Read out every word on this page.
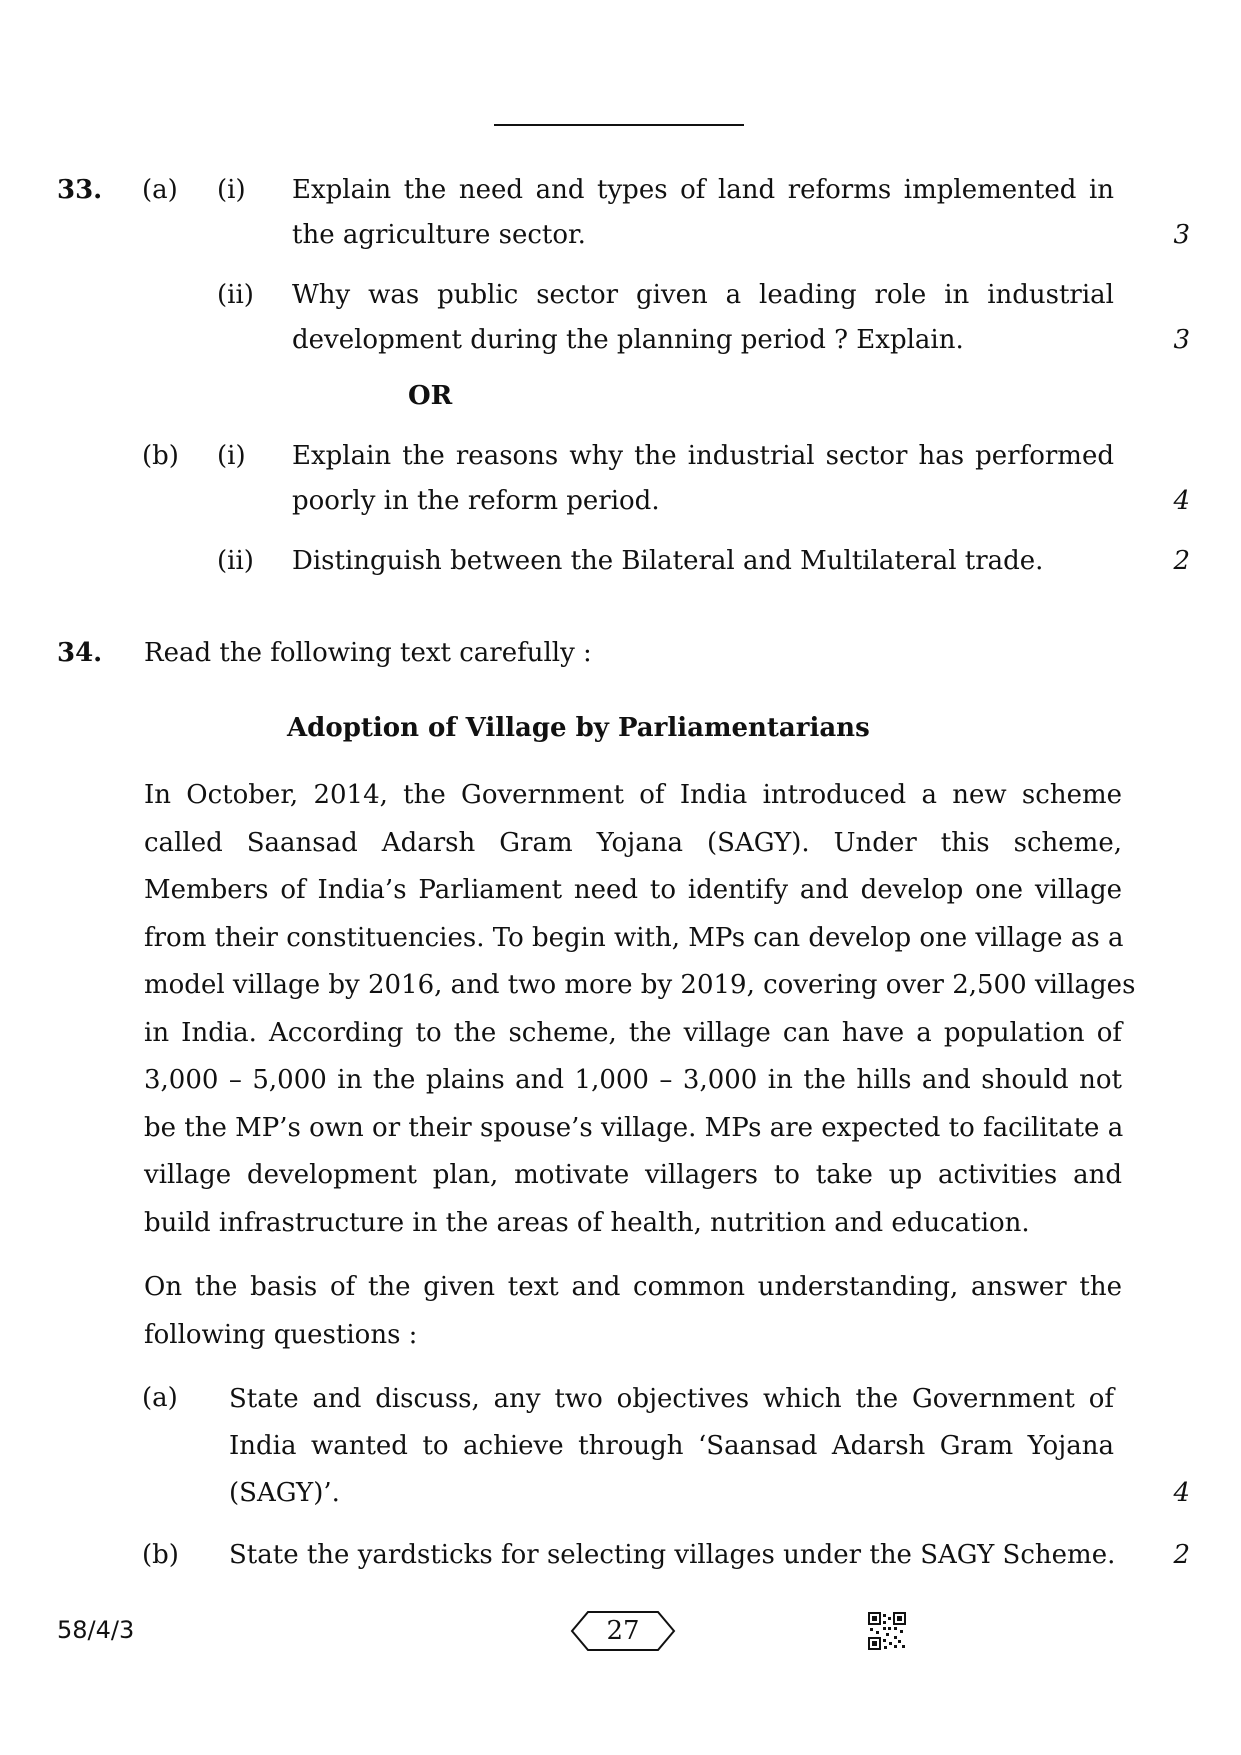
33. (a) (i) Explain the need and types of land reforms implemented in
the agriculture sector.	3
(ii) Why was public sector given a leading role in industrial
development during the planning period ? Explain.	3
OR
(b) (i) Explain the reasons why the industrial sector has performed
poorly in the reform period.	4
(ii) Distinguish between the Bilateral and Multilateral trade.	2
34. Read the following text carefully :
Adoption of Village by Parliamentarians
In October, 2014, the Government of India introduced a new scheme
called Saansad Adarsh Gram Yojana (SAGY). Under this scheme,
Members of India’s Parliament need to identify and develop one village
from their constituencies. To begin with, MPs can develop one village as a
model village by 2016, and two more by 2019, covering over 2,500 villages
in India. According to the scheme, the village can have a population of
3,000 – 5,000 in the plains and 1,000 – 3,000 in the hills and should not
be the MP’s own or their spouse’s village. MPs are expected to facilitate a
village development plan, motivate villagers to take up activities and
build infrastructure in the areas of health, nutrition and education.
On the basis of the given text and common understanding, answer the
following questions :
(a) State and discuss, any two objectives which the Government of
India wanted to achieve through ‘Saansad Adarsh Gram Yojana
(SAGY)’.	4
(b) State the yardsticks for selecting villages under the SAGY Scheme.	2
58/4/3	27
